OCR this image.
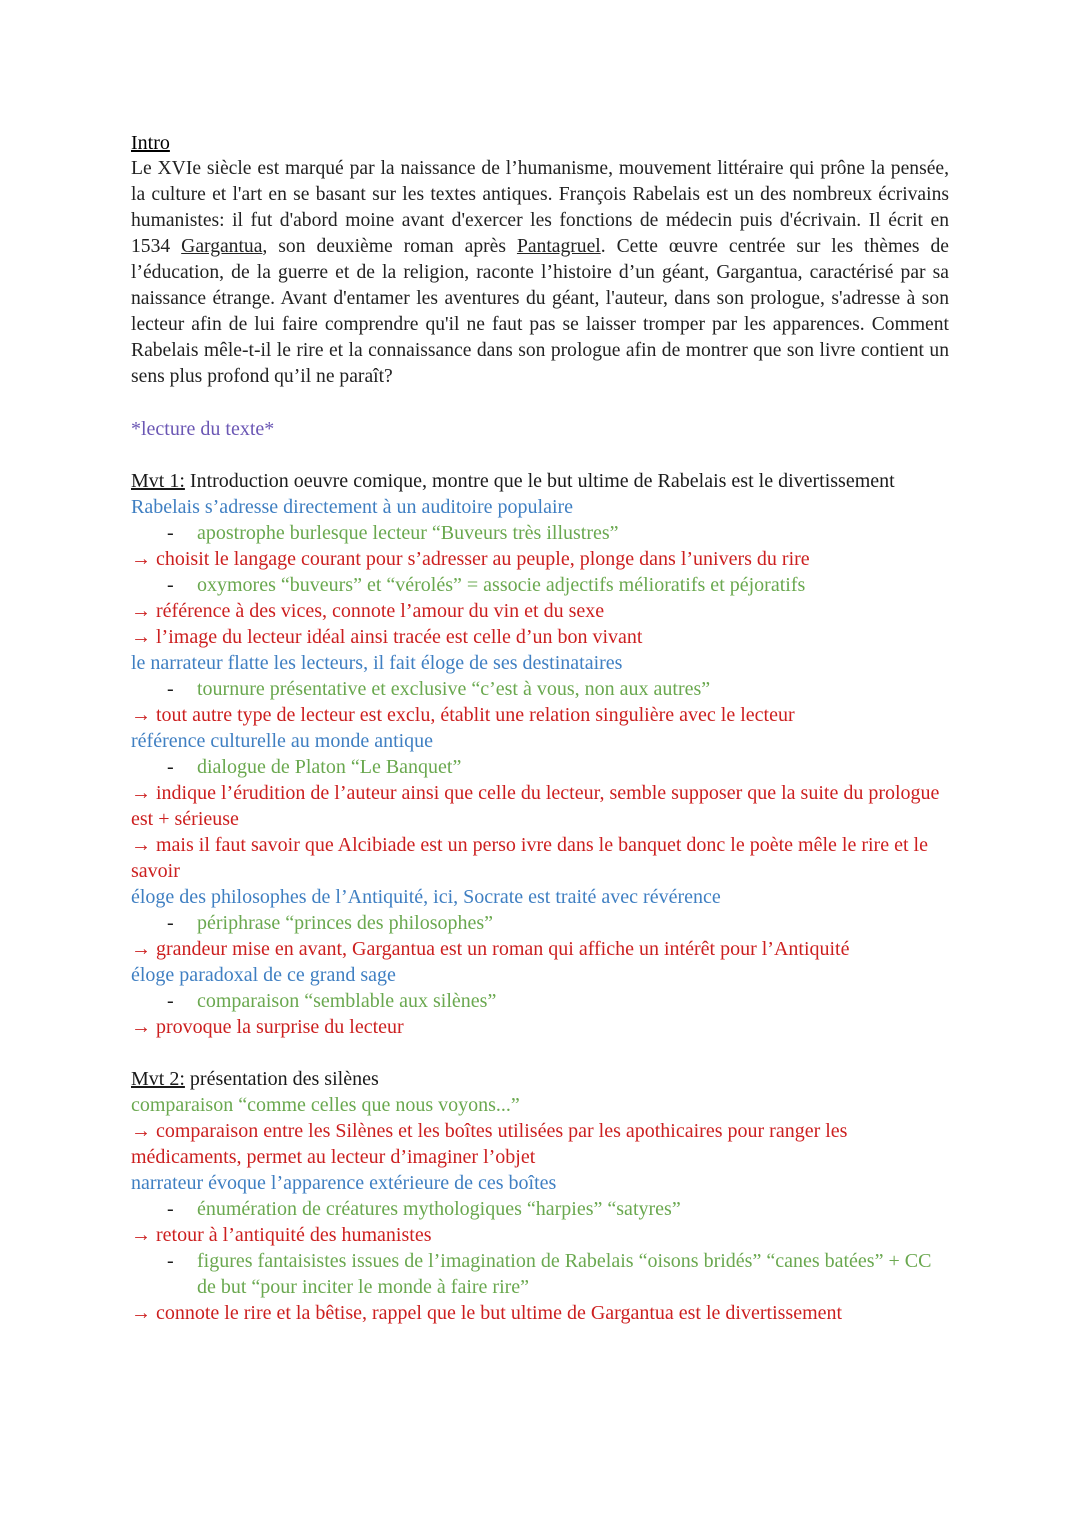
Intro

Le XVIe siècle est marqué par la naissance de l’humanisme, mouvement littéraire qui prône la pensée, la culture et l'art en se basant sur les textes antiques. François Rabelais est un des nombreux écrivains humanistes: il fut d'abord moine avant d'exercer les fonctions de médecin puis d'écrivain. Il écrit en 1534 Gargantua, son deuxième roman après Pantagruel. Cette œuvre centrée sur les thèmes de l’éducation, de la guerre et de la religion, raconte l’histoire d’un géant, Gargantua, caractérisé par sa naissance étrange. Avant d'entamer les aventures du géant, l'auteur, dans son prologue, s'adresse à son lecteur afin de lui faire comprendre qu'il ne faut pas se laisser tromper par les apparences. Comment Rabelais mêle-t-il le rire et la connaissance dans son prologue afin de montrer que son livre contient un sens plus profond qu’il ne paraît?

*lecture du texte*
Mvt 1: Introduction oeuvre comique, montre que le but ultime de Rabelais est le divertissement
Rabelais s’adresse directement à un auditoire populaire
- apostrophe burlesque lecteur “Buveurs très illustres”
→ choisit le langage courant pour s’adresser au peuple, plonge dans l’univers du rire
- oxymores “buveurs” et “vérolés” = associe adjectifs mélioratifs et péjoratifs
→ référence à des vices, connote l’amour du vin et du sexe
→ l’image du lecteur idéal ainsi tracée est celle d’un bon vivant
le narrateur flatte les lecteurs, il fait éloge de ses destinataires
- tournure présentative et exclusive “c’est à vous, non aux autres”
→ tout autre type de lecteur est exclu, établit une relation singulière avec le lecteur
référence culturelle au monde antique
- dialogue de Platon “Le Banquet”
→ indique l’érudition de l’auteur ainsi que celle du lecteur, semble supposer que la suite du prologue est + sérieuse
→ mais il faut savoir que Alcibiade est un perso ivre dans le banquet donc le poète mêle le rire et le savoir
éloge des philosophes de l’Antiquité, ici, Socrate est traité avec révérence
- périphrase “princes des philosophes”
→ grandeur mise en avant, Gargantua est un roman qui affiche un intérêt pour l’Antiquité
éloge paradoxal de ce grand sage
- comparaison “semblable aux silènes”
→ provoque la surprise du lecteur
Mvt 2: présentation des silènes
comparaison “comme celles que nous voyons...”
→ comparaison entre les Silènes et les boîtes utilisées par les apothicaires pour ranger les médicaments, permet au lecteur d’imaginer l’objet
narrateur évoque l’apparence extérieure de ces boîtes
- énumération de créatures mythologiques “harpies” “satyres”
→ retour à l’antiquité des humanistes
-	figures fantaisistes issues de l’imagination de Rabelais “oisons bridés” “canes batées” + CC de but “pour inciter le monde à faire rire”
→ connote le rire et la bêtise, rappel que le but ultime de Gargantua est le divertissement
